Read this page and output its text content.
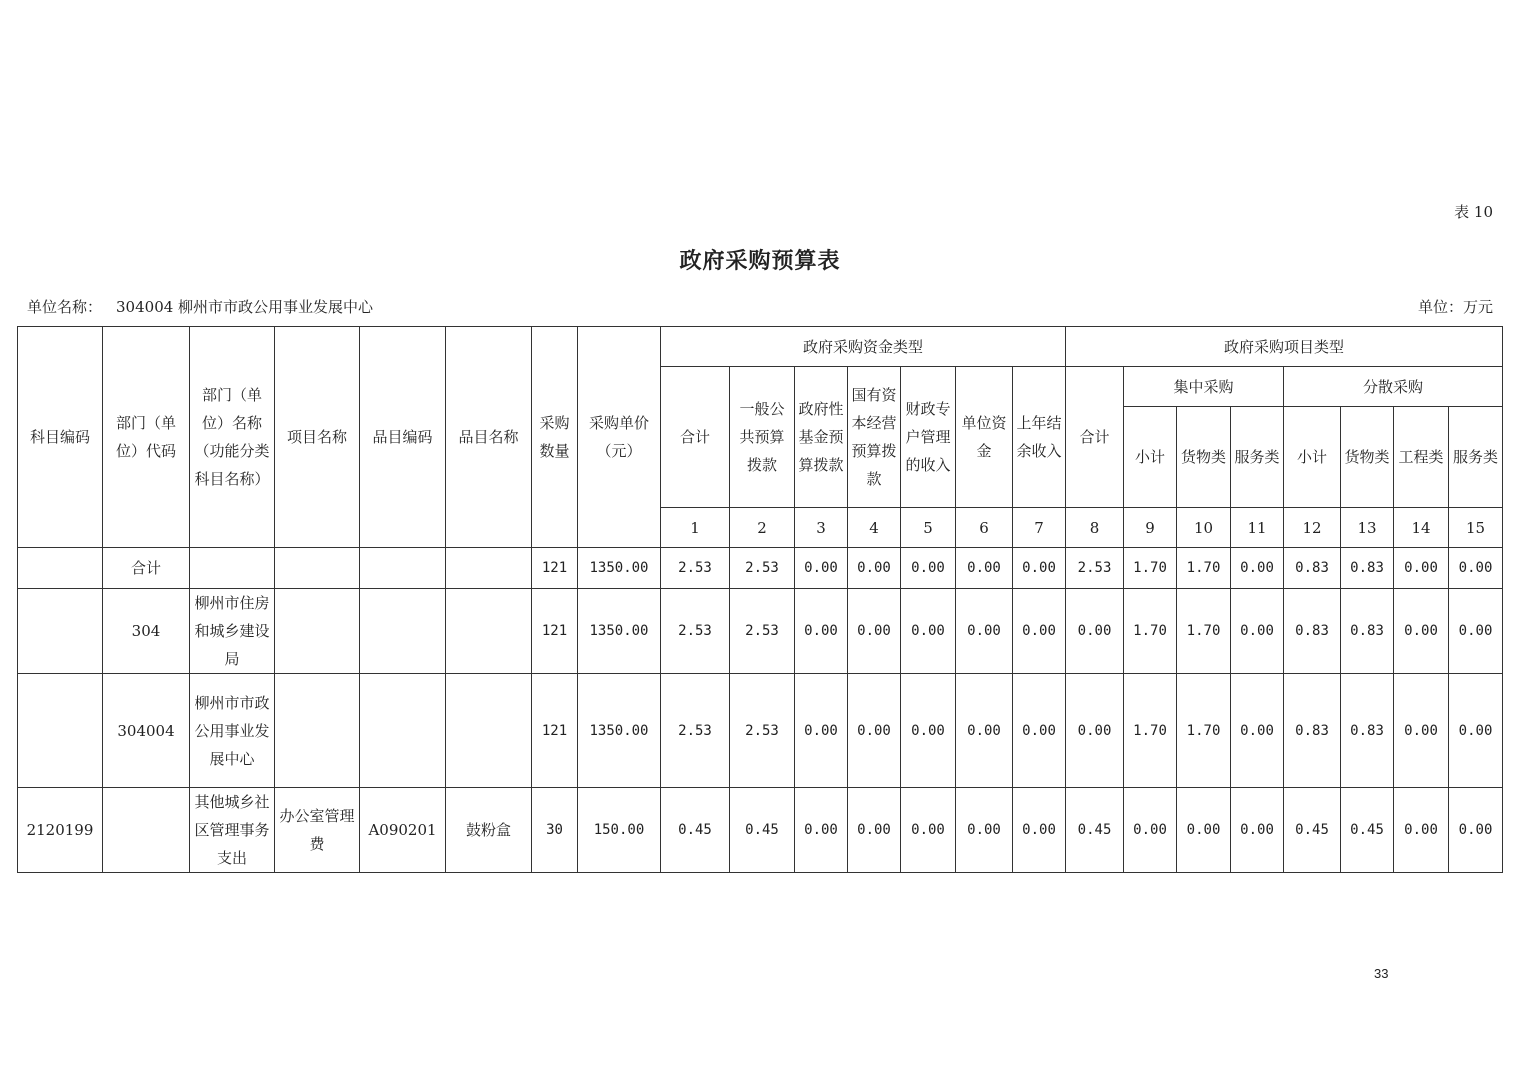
表 10
政府采购预算表
单位名称： 304004 柳州市市政公用事业发展中心	单位：万元
科目编码	部门（单位）代码	部门（单位）名称（功能分类科目名称）	项目名称	品目编码	品目名称	采购数量	采购单价（元）	政府采购资金类型							政府采购项目类型							
								合计	一般公共预算拨款	政府性基金预算拨款	国有资本经营预算拨款	财政专户管理的收入	单位资金	上年结余收入	合计	集中采购			分散采购			
																小计	货物类	服务类	小计	货物类	工程类	服务类
								1	2	3	4	5	6	7	8	9	10	11	12	13	14	15
	合计					121	1350.00	2.53	2.53	0.00	0.00	0.00	0.00	0.00	2.53	1.70	1.70	0.00	0.83	0.83	0.00	0.00
	304	柳州市住房和城乡建设局				121	1350.00	2.53	2.53	0.00	0.00	0.00	0.00	0.00	0.00	1.70	1.70	0.00	0.83	0.83	0.00	0.00
	304004	柳州市市政公用事业发展中心				121	1350.00	2.53	2.53	0.00	0.00	0.00	0.00	0.00	0.00	1.70	1.70	0.00	0.83	0.83	0.00	0.00
2120199		其他城乡社区管理事务支出	办公室管理费	A090201	鼓粉盒	30	150.00	0.45	0.45	0.00	0.00	0.00	0.00	0.00	0.45	0.00	0.00	0.00	0.45	0.45	0.00	0.00
33
